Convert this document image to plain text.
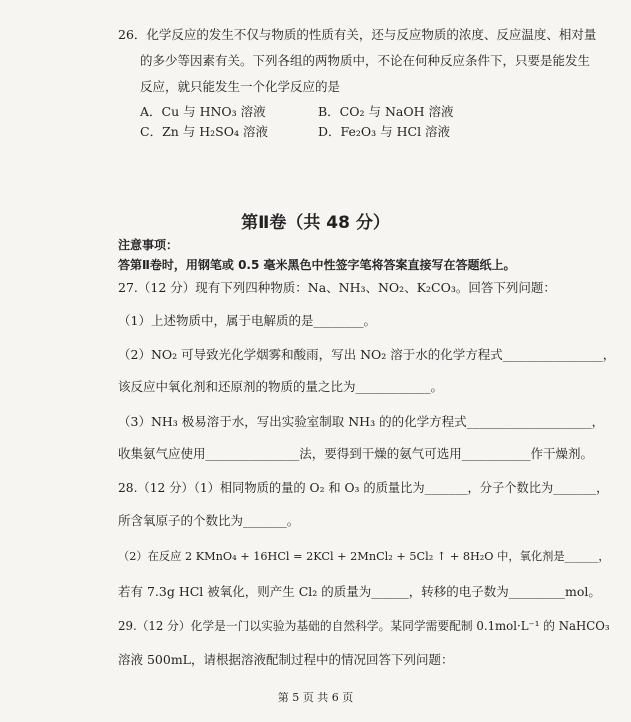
26．化学反应的发生不仅与物质的性质有关，还与反应物质的浓度、反应温度、相对量
的多少等因素有关。下列各组的两物质中，不论在何种反应条件下，只要是能发生
反应，就只能发生一个化学反应的是
A．Cu 与 HNO₃ 溶液	B．CO₂ 与 NaOH 溶液
C．Zn 与 H₂SO₄ 溶液	D．Fe₂O₃ 与 HCl 溶液
第Ⅱ卷（共 48 分）
注意事项：
答第Ⅱ卷时，用钢笔或 0.5 毫米黑色中性签字笔将答案直接写在答题纸上。
27.（12 分）现有下列四种物质：Na、NH₃、NO₂、K₂CO₃。回答下列问题：
（1）上述物质中，属于电解质的是________。
（2）NO₂ 可导致光化学烟雾和酸雨，写出 NO₂ 溶于水的化学方程式________________，
该反应中氧化剂和还原剂的物质的量之比为____________。
（3）NH₃ 极易溶于水，写出实验室制取 NH₃ 的的化学方程式____________________，
收集氨气应使用_______________法，要得到干燥的氨气可选用___________作干燥剂。
28.（12 分）（1）相同物质的量的 O₂ 和 O₃ 的质量比为_______，分子个数比为_______，
所含氧原子的个数比为_______。
（2）在反应 2 KMnO₄ + 16HCl = 2KCl + 2MnCl₂ + 5Cl₂ ↑ + 8H₂O 中，氧化剂是______，
若有 7.3g HCl 被氧化，则产生 Cl₂ 的质量为______，转移的电子数为_________mol。
29.（12 分）化学是一门以实验为基础的自然科学。某同学需要配制 0.1mol·L⁻¹ 的 NaHCO₃
溶液 500mL，请根据溶液配制过程中的情况回答下列问题：
第 5 页 共 6 页
